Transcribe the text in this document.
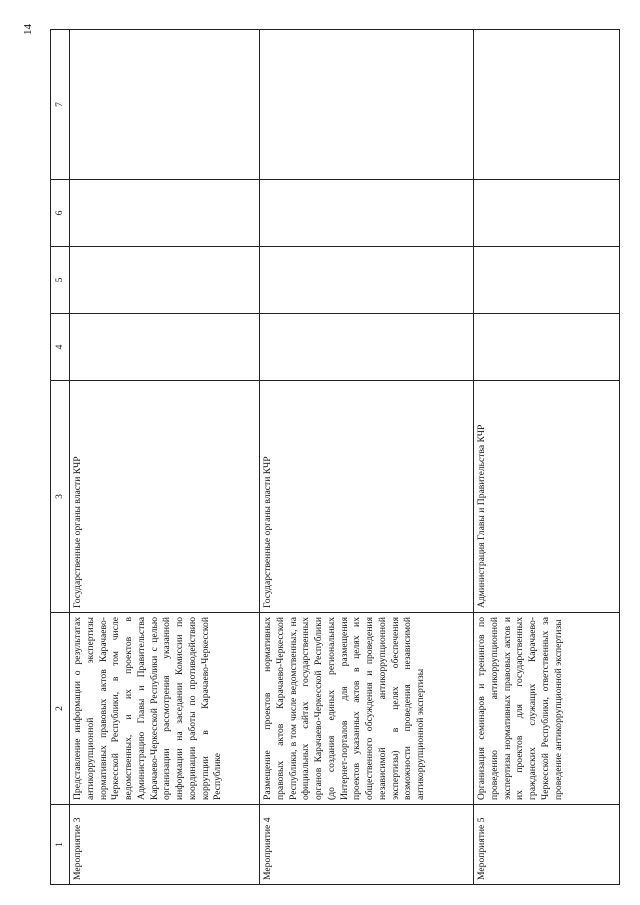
14
1	2	3	4	5	6	7
Мероприятие 3	Представление информации о результатах антикоррупционной экспертизы нормативных правовых актов Карачаево-Черкесской Республики, в том числе ведомственных, и их проектов в Администрацию Главы и Правительства Карачаево-Черкесской Республики с целью организации рассмотрения указанной информации на заседании Комиссии по координации работы по противодействию коррупции в Карачаево-Черкесской Республике	Государственные органы власти КЧР				
Мероприятие 4	Размещение проектов нормативных правовых актов Карачаево-Черкесской Республики, в том числе ведомственных, на официальных сайтах государственных органов Карачаево-Черкесской Республики (до создания единых региональных Интернет-порталов для размещения проектов указанных актов в целях их общественного обсуждения и проведения независимой антикоррупционной экспертизы) в целях обеспечения возможности проведения независимой антикоррупционной экспертизы	Государственные органы власти КЧР				
Мероприятие 5	Организация семинаров и тренингов по проведению антикоррупционной экспертизы нормативных правовых актов и их проектов для государственных гражданских служащих Карачаево-Черкесской Республики, ответственных за проведение антикоррупционной экспертизы	Администрация Главы и Правительства КЧР				
